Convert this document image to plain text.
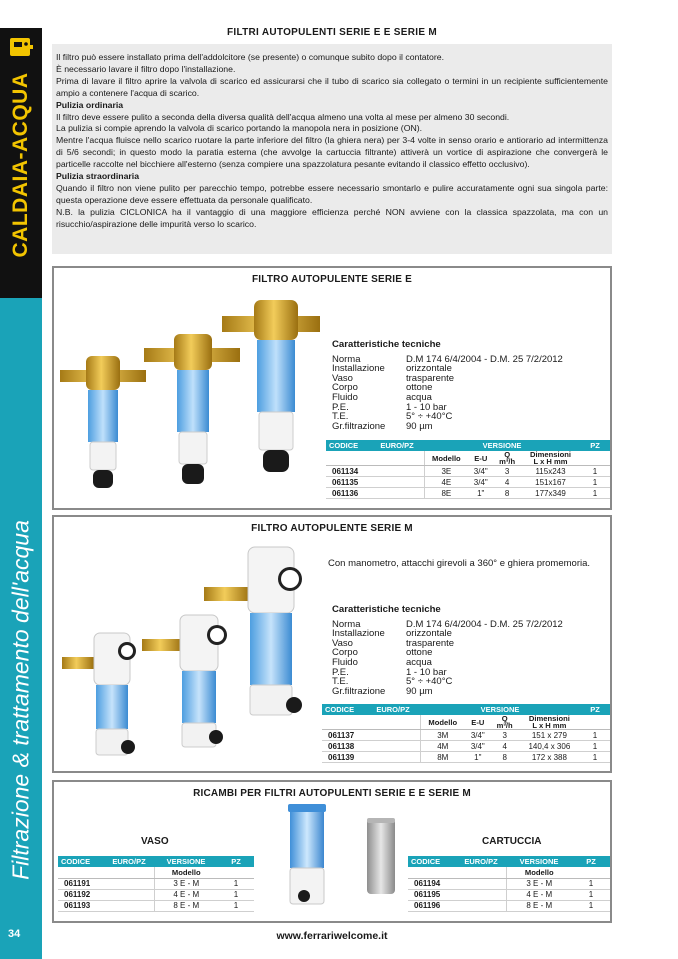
CALDAIA-ACQUA
Filtrazione & trattamento dell'acqua
34
FILTRI AUTOPULENTI SERIE E E SERIE M

Il filtro può essere installato prima dell'addolcitore (se presente) o comunque subito dopo il contatore.

È necessario lavare il filtro dopo l'installazione.

Prima di lavare il filtro aprire la valvola di scarico ed assicurarsi che il tubo di scarico sia collegato o termini in un recipiente sufficientemente ampio a contenere l'acqua di scarico.

Pulizia ordinaria

Il filtro deve essere pulito a seconda della diversa qualità dell'acqua almeno una volta al mese per almeno 30 secondi.

La pulizia si compie aprendo la valvola di scarico portando la manopola nera in posizione (ON).

Mentre l'acqua fluisce nello scarico ruotare la parte inferiore del filtro (la ghiera nera) per 3-4 volte in senso orario e antiorario ad intermittenza di 5/6 secondi; in questo modo la paratia esterna (che avvolge la cartuccia filtrante) attiverà un vortice di aspirazione che convergerà le particelle raccolte nel bicchiere all'esterno (senza compiere una spazzolatura pesante evitando il classico effetto occlusivo).

Pulizia straordinaria

Quando il filtro non viene pulito per parecchio tempo, potrebbe essere necessario smontarlo e pulire accuratamente ogni sua singola parte: questa operazione deve essere effettuata da personale qualificato.

N.B. la pulizia CICLONICA ha il vantaggio di una maggiore efficienza perché NON avviene con la classica spazzolata, ma con un risucchio/aspirazione delle impurità verso lo scarico.

FILTRO AUTOPULENTE SERIE E
Caratteristiche tecniche
Norma	D.M 174 6/4/2004 - D.M. 25 7/2/2012
Installazione	orizzontale
Vaso	trasparente
Corpo	ottone
Fluido	acqua
P.E.	1 - 10 bar
T.E.	5° ÷ +40°C
Gr.filtrazione	90 µm
CODICE	EURO/PZ	VERSIONE				PZ
		Modello	E-U	Q
m³/h	Dimensioni
L x H mm	
061134		3E	3/4"	3	115x243	1
061135		4E	3/4"	4	151x167	1
061136		8E	1"	8	177x349	1
FILTRO AUTOPULENTE SERIE M
Con manometro, attacchi girevoli a 360° e ghiera promemoria.
Caratteristiche tecniche
Norma	D.M 174 6/4/2004 - D.M. 25 7/2/2012
Installazione	orizzontale
Vaso	trasparente
Corpo	ottone
Fluido	acqua
P.E.	1 - 10 bar
T.E.	5° ÷ +40°C
Gr.filtrazione	90 µm
CODICE	EURO/PZ	VERSIONE				PZ
		Modello	E-U	Q
m³/h	Dimensioni
L x H mm	
061137		3M	3/4"	3	151 x 279	1
061138		4M	3/4"	4	140,4 x 306	1
061139		8M	1"	8	172 x 388	1
RICAMBI PER FILTRI AUTOPULENTI SERIE E E SERIE M
VASO	CARTUCCIA
CODICE	EURO/PZ	VERSIONE	PZ
		Modello	
061191		3 E - M	1
061192		4 E - M	1
061193		8 E - M	1
CODICE	EURO/PZ	VERSIONE	PZ
		Modello	
061194		3 E - M	1
061195		4 E - M	1
061196		8 E - M	1
www.ferrariwelcome.it
